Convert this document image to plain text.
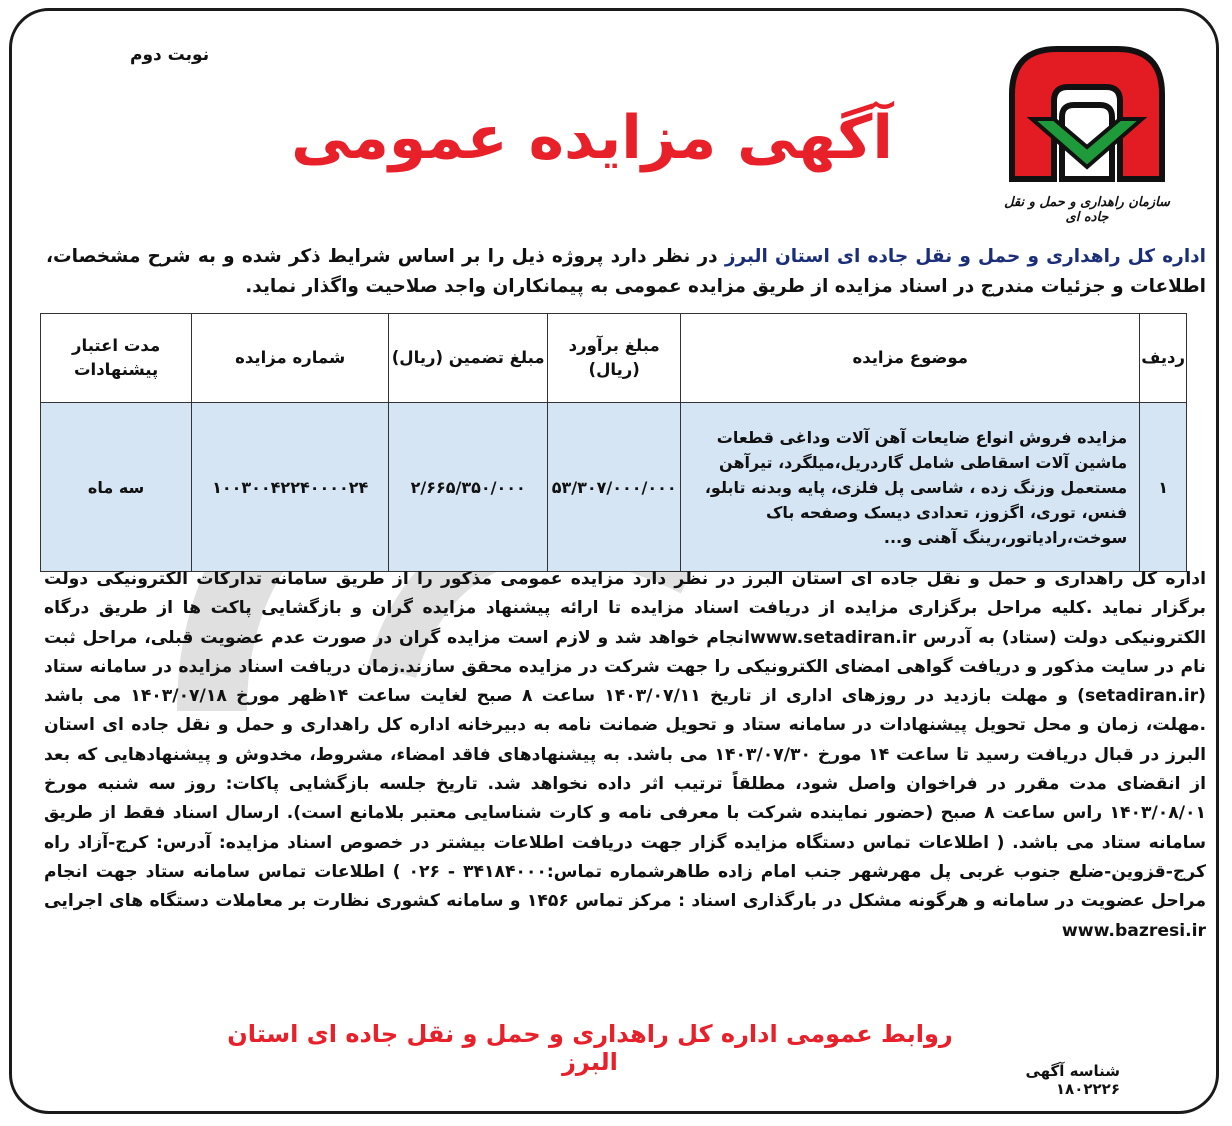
نوبت دوم
سازمان راهداری و حمل و نقل جاده ای
آگهی مزایده عمومی
اداره کل راهداری و حمل و نقل جاده ای استان البرز در نظر دارد پروژه ذیل را بر اساس شرایط ذکر شده و به شرح مشخصات، اطلاعات و جزئیات مندرج در اسناد مزایده از طریق مزایده عمومی به پیمانکاران واجد صلاحیت واگذار نماید.
ردیف	موضوع مزایده	مبلغ برآورد (ریال)	مبلغ تضمین (ریال)	شماره مزایده	مدت اعتبار پیشنهادات
۱	مزایده فروش انواع ضایعات آهن آلات وداغی قطعات ماشین آلات اسقاطی شامل گاردریل،میلگرد، تیرآهن مستعمل وزنگ زده ، شاسی پل فلزی، پایه وبدنه تابلو، فنس، توری، اگزوز، تعدادی دیسک وصفحه باک سوخت،رادیاتور،رینگ آهنی و...	۵۳/۳۰۷/۰۰۰/۰۰۰	۲/۶۶۵/۳۵۰/۰۰۰	۱۰۰۳۰۰۴۲۲۴۰۰۰۰۲۴	سه ماه
اداره کل راهداری و حمل و نقل جاده ای استان البرز در نظر دارد مزایده عمومی مذکور را از طریق سامانه تدارکات الکترونیکی دولت برگزار نماید .کلیه مراحل برگزاری مزایده از دریافت اسناد مزایده تا ارائه پیشنهاد مزایده گران و بازگشایی پاکت ها از طریق درگاه الکترونیکی دولت (ستاد) به آدرس www.setadiran.irانجام خواهد شد و لازم است مزایده گران در صورت عدم عضویت قبلی، مراحل ثبت نام در سایت مذکور و دریافت گواهی امضای الکترونیکی را جهت شرکت در مزایده محقق سازند.زمان دریافت اسناد مزایده در سامانه ستاد (setadiran.ir) و مهلت بازدید در روزهای اداری از تاریخ ۱۴۰۳/۰۷/۱۱ ساعت ۸ صبح لغایت ساعت ۱۴ظهر مورخ ۱۴۰۳/۰۷/۱۸ می باشد .مهلت، زمان و محل تحویل پیشنهادات در سامانه ستاد و تحویل ضمانت نامه به دبیرخانه اداره کل راهداری و حمل و نقل جاده ای استان البرز در قبال دریافت رسید تا ساعت ۱۴ مورخ ۱۴۰۳/۰۷/۳۰ می باشد. به پیشنهادهای فاقد امضاء، مشروط، مخدوش و پیشنهادهایی که بعد از انقضای مدت مقرر در فراخوان واصل شود، مطلقاً ترتیب اثر داده نخواهد شد. تاریخ جلسه بازگشایی پاکات: روز سه شنبه مورخ ۱۴۰۳/۰۸/۰۱ راس ساعت ۸ صبح (حضور نماینده شرکت با معرفی نامه و کارت شناسایی معتبر بلامانع است). ارسال اسناد فقط از طریق سامانه ستاد می باشد. ( اطلاعات تماس دستگاه مزایده گزار جهت دریافت اطلاعات بیشتر در خصوص اسناد مزایده: آدرس: کرج-آزاد راه کرج-قزوین-ضلع جنوب غربی پل مهرشهر جنب امام زاده طاهرشماره تماس:۳۴۱۸۴۰۰۰ - ۰۲۶ ) اطلاعات تماس سامانه ستاد جهت انجام مراحل عضویت در سامانه و هرگونه مشکل در بارگذاری اسناد : مرکز تماس ۱۴۵۶ و سامانه کشوری نظارت بر معاملات دستگاه های اجرایی www.bazresi.ir
روابط عمومی اداره کل راهداری و حمل و نقل جاده ای استان البرز	شناسه آگهی ۱۸۰۲۲۲۶
